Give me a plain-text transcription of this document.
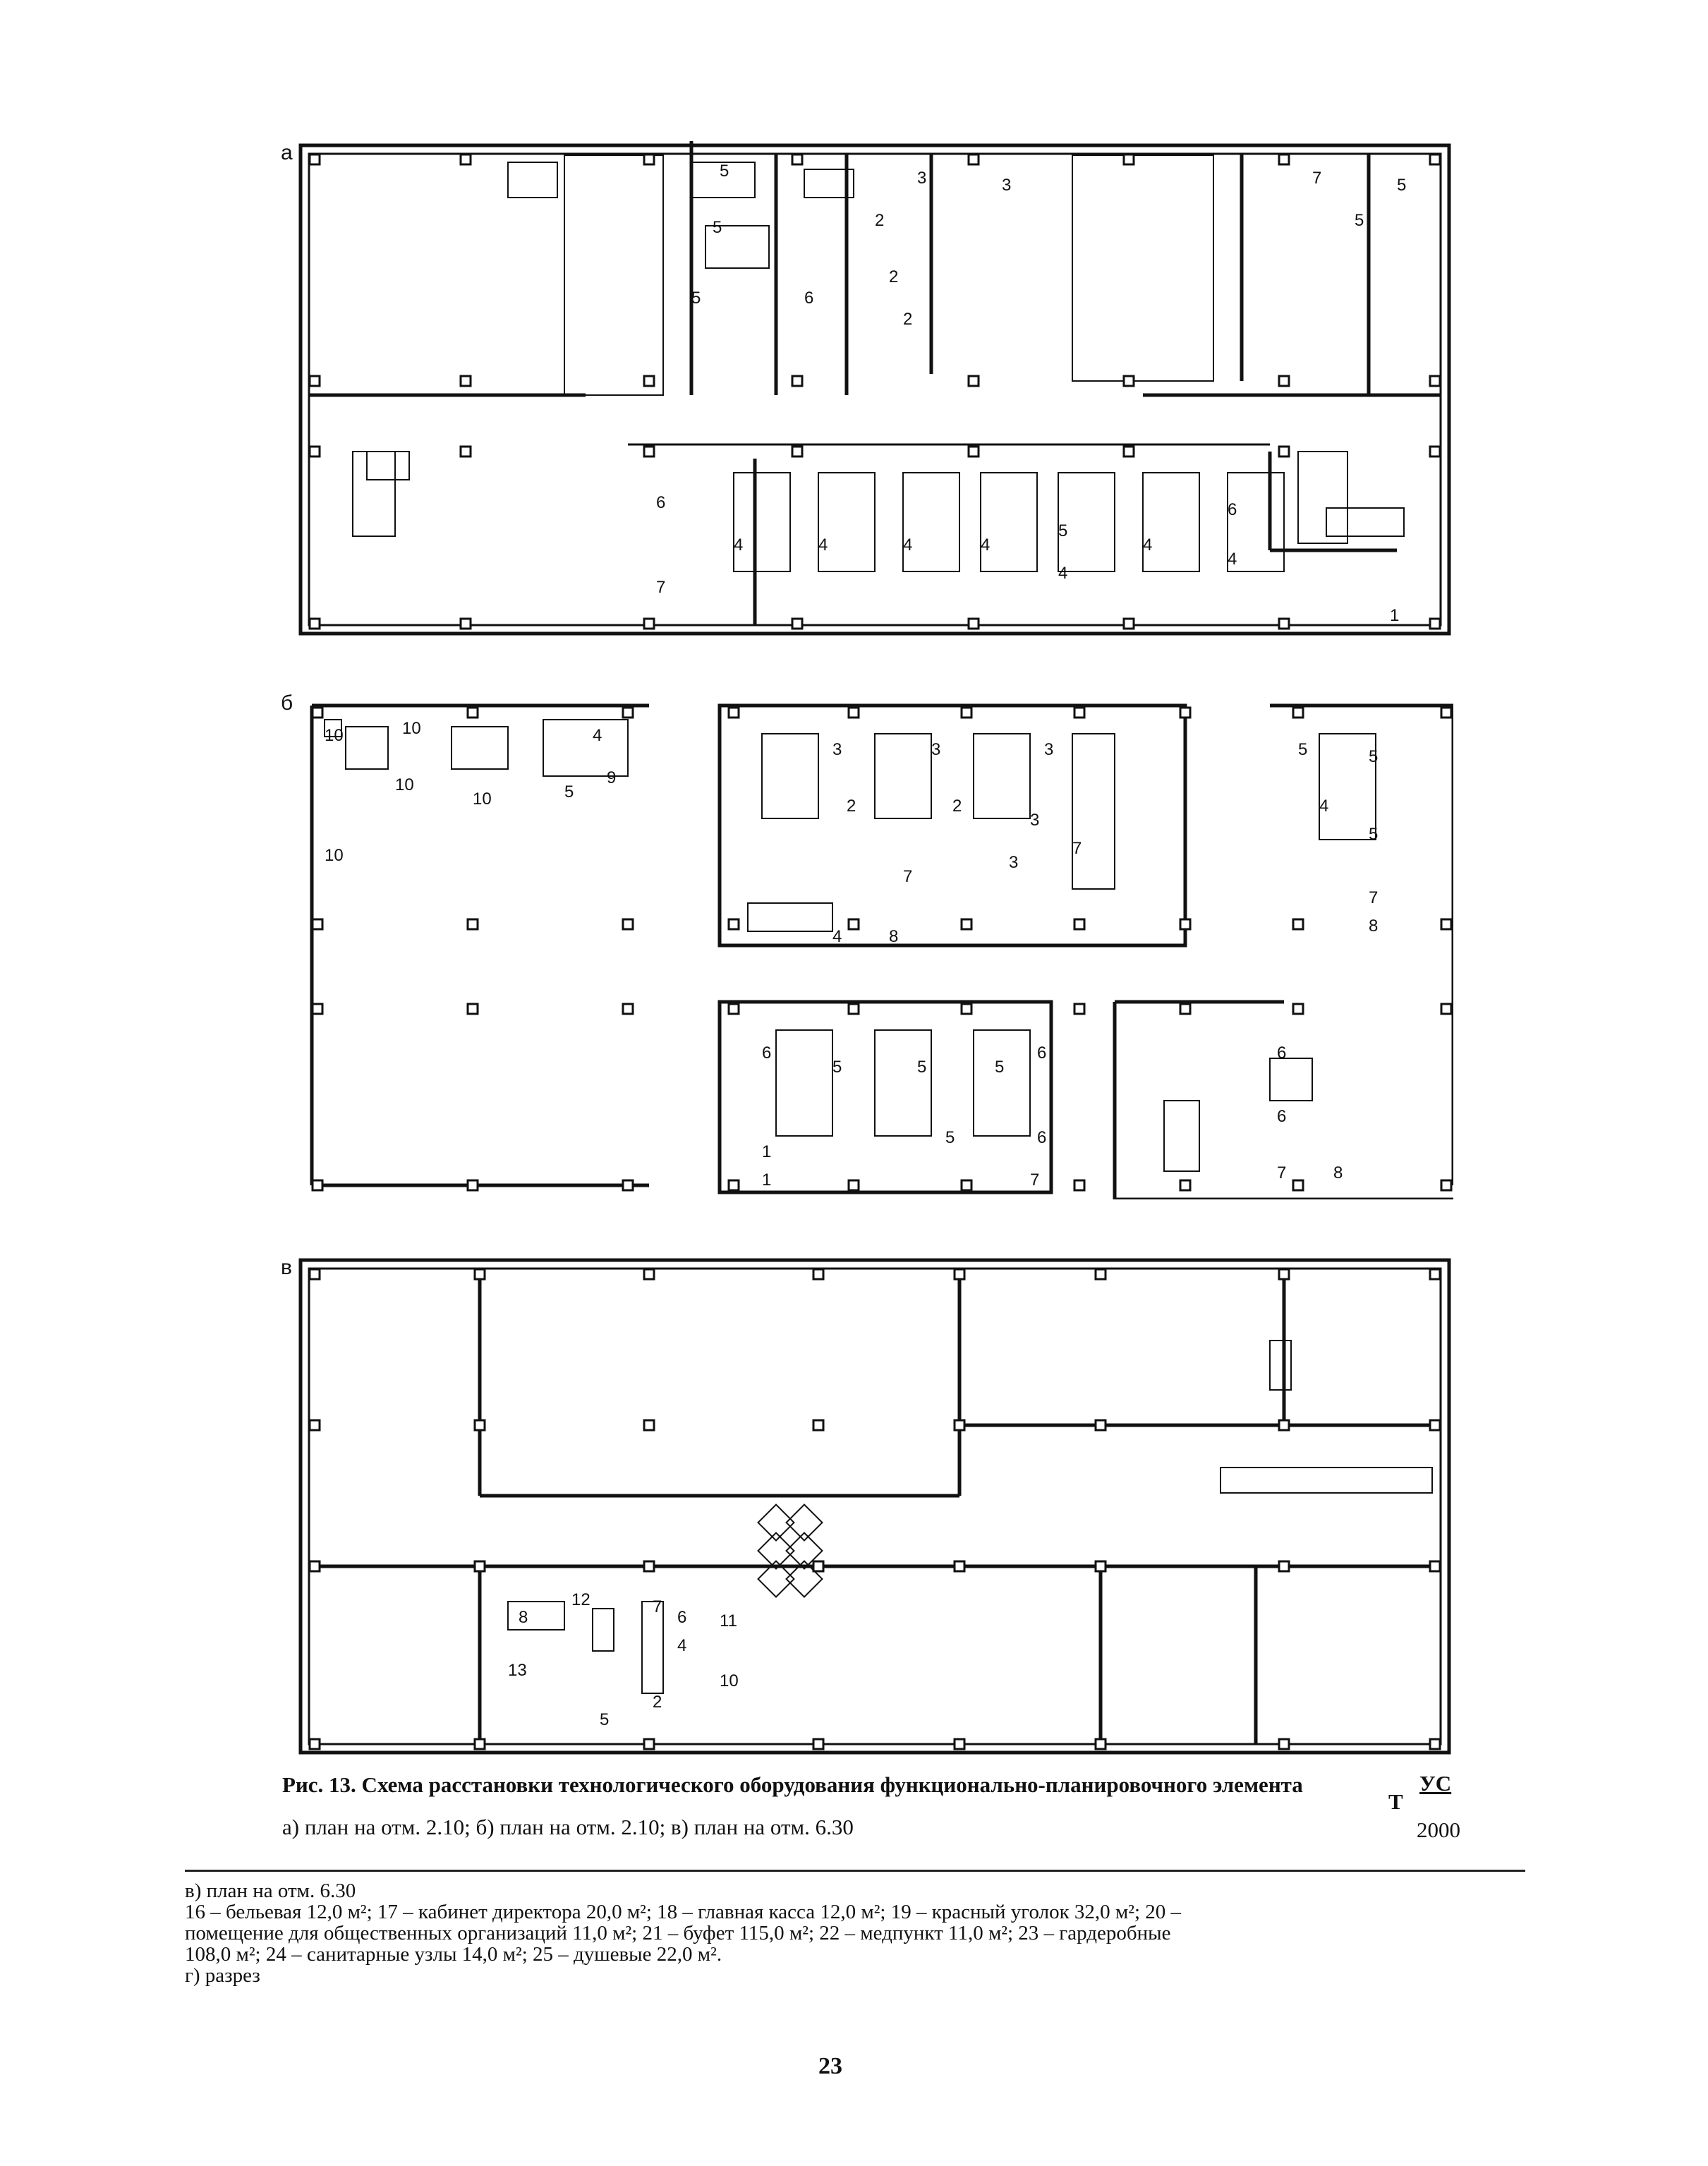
а
5
5
5
2
2
2
3	3
6
6
7
6
7
5
5
5
4	4	4	4
4
4
4
1
б
10	10
10
10
10
4
9
5
3	3	3
3
2	2
3
7
7
4	8
5	5
4
5
7
8
6
5	5	5
5
6
6
7
1
1
6
6
7	8
в
12
8
13
5
7
6
4
2
11
10
Рис. 13. Схема расстановки технологического оборудования функционально-планировочного элемента
Т
УС
2000
а) план на отм. 2.10; б) план на отм. 2.10; в) план на отм. 6.30
в) план на отм. 6.30
16 – бельевая 12,0 м²; 17 – кабинет директора 20,0 м²; 18 – главная касса 12,0 м²; 19 – красный уголок 32,0 м²; 20 –
помещение для общественных организаций 11,0 м²; 21 – буфет 115,0 м²; 22 – медпункт 11,0 м²; 23 – гардеробные
108,0 м²; 24 – санитарные узлы 14,0 м²; 25 – душевые 22,0 м².
г) разрез
23
